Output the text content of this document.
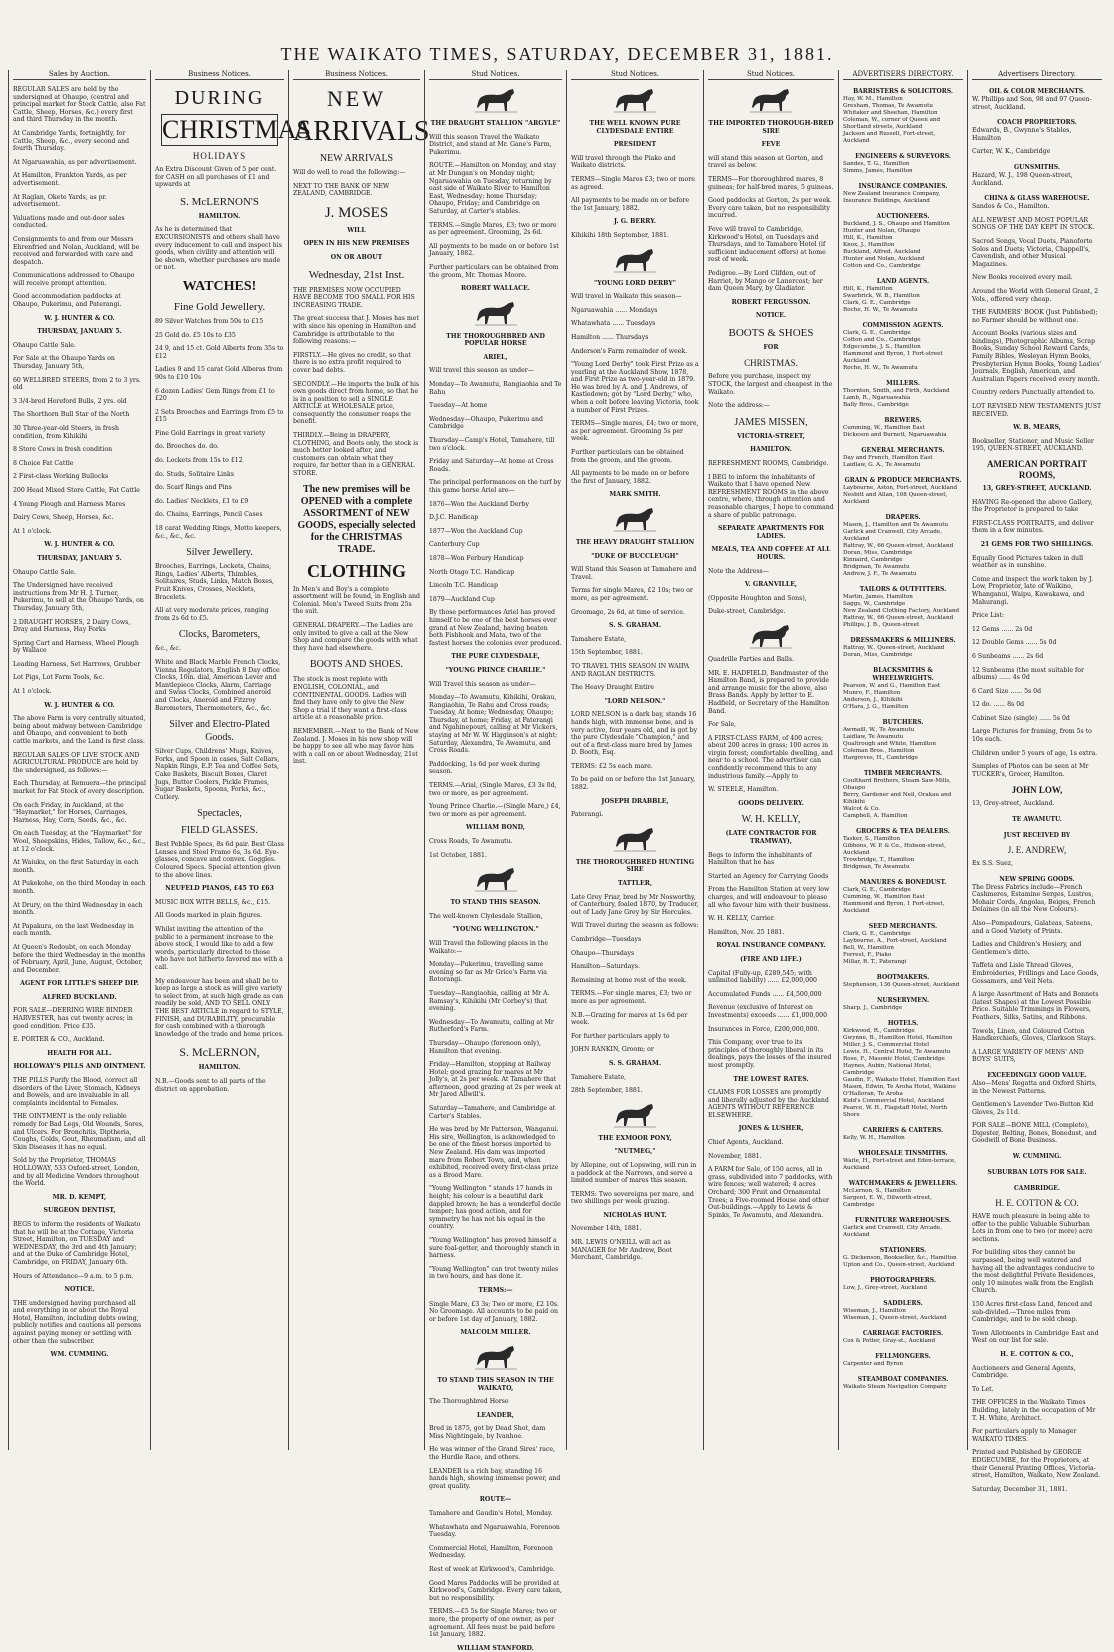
THE WAIKATO TIMES, SATURDAY, DECEMBER 31, 1881.
Sales by Auction.
REGULAR SALES are held by the undersigned at Ohaupo, (central and principal market for Stock Cattle, also Fat Cattle, Sheep, Horses, &c.) every first and third Thursday in the month.
At Cambridge Yards, fortnightly, for Cattle, Sheep, &c., every second and fourth Thursday.
At Ngaruawahia, as per advertisement.
At Hamilton, Frankton Yards, as per advertisement.
At Raglan, Okete Yards, as pr. advertisement.
Valuations made and out-door sales conducted.
Consignments to and from our Messrs Ehrenfried and Nolan, Auckland, will be received and forwarded with care and despatch.
Communications addressed to Ohaupo will receive prompt attention.
Good accommodation paddocks at Ohaupo, Pukerimu, and Paterangi.
W. J. HUNTER & CO.
THURSDAY, JANUARY 5.
Ohaupo Cattle Sale.
For Sale at the Ohaupo Yards on Thursday, January 5th,
60 WELLBRED STEERS, from 2 to 3 yrs. old
3 3/4-bred Hereford Bulls, 2 yrs. old
The Shorthorn Bull Star of the North
30 Three-year-old Steers, in fresh condition, from Kihikihi
8 Store Cows in fresh condition
8 Choice Fat Cattle
2 First-class Working Bullocks
200 Head Mixed Store Cattle, Fat Cattle
4 Young Plough and Harness Mares
Dairy Cows, Sheep, Horses, &c.
At 1 o'clock.
W. J. HUNTER & CO.
THURSDAY, JANUARY 5.
Ohaupo Cattle Sale.
The Undersigned have received instructions from Mr H. J. Turner, Pukerimu, to sell at the Ohaupo Yards, on Thursday, January 5th,
2 DRAUGHT HORSES, 2 Dairy Cows, Dray and Harness, Hay Forks
Spring Cart and Harness, Wheel Plough by Wallace
Leading Harness, Set Harrows, Grubber
Lot Pigs, Lot Farm Tools, &c.
At 1 o'clock.
W. J. HUNTER & CO.
The above Farm is very centrally situated, being about midway between Cambridge and Ohaupo, and convenient to both cattle markets, and the Land is first class.
REGULAR SALES OF LIVE STOCK AND AGRICULTURAL PRODUCE are held by the undersigned, as follows:—
Each Thursday, at Remuera—the principal market for Fat Stock of every description.
On each Friday, in Auckland, at the "Haymarket," for Horses, Carriages, Harness, Hay, Corn, Seeds, &c., &c.
On each Tuesday, at the "Haymarket" for Wool, Sheepskins, Hides, Tallow, &c., &c., at 12 o'clock.
At Waiuku, on the first Saturday in each month.
At Pukekohe, on the third Monday in each month.
At Drury, on the third Wednesday in each month.
At Papakura, on the last Wednesday in each month.
At Queen's Redoubt, on each Monday before the third Wednesday in the months of February, April, June, August, October, and December.
AGENT FOR LITTLE'S SHEEP DIP.
ALFRED BUCKLAND.
FOR SALE—DEERING WIRE BINDER HARVESTER, has cut twenty acres; in good condition. Price £35.
E. PORTER & CO., Auckland.
HEALTH FOR ALL.
HOLLOWAY'S PILLS AND OINTMENT.
THE PILLS Purify the Blood, correct all disorders of the Liver, Stomach, Kidneys and Bowels, and are invaluable in all complaints incidental to Females.
THE OINTMENT is the only reliable remedy for Bad Legs, Old Wounds, Sores, and Ulcers. For Bronchitis, Diptheria, Coughs, Colds, Gout, Rheumatism, and all Skin Diseases it has no equal.
Sold by the Proprietor, THOMAS HOLLOWAY, 533 Oxford-street, London, and by all Medicine Vendors throughout the World.
MR. D. KEMPT,
SURGEON DENTIST,
BEGS to inform the residents of Waikato that he will be at the Cottage, Victoria Street, Hamilton, on TUESDAY and WEDNESDAY, the 3rd and 4th January; and at the Duke of Cambridge Hotel, Cambridge, on FRIDAY, January 6th.
Hours of Attendance—9 a.m. to 5 p.m.
NOTICE.
THE undersigned having purchased all and everything in or about the Royal Hotel, Hamilton, including debts owing, publicly notifies and cautions all persons against paying money or settling with other than the subscriber.
WM. CUMMING.
Business Notices.
DURING
CHRISTMAS
HOLIDAYS
An Extra Discount Given of 5 per cent. for CASH on all purchases of £1 and upwards at
S. McLERNON'S
HAMILTON.
As he is determined that EXCURSIONISTS and others shall have every inducement to call and inspect his goods, when civility and attention will be shown, whether purchases are made or not.
WATCHES!
Fine Gold Jewellery.
89 Silver Watches from 50s to £15
25 Gold do. £5 10s to £35
24 9, and 15 ct. Gold Alberts from 35s to £12
Ladies 9 and 15 carat Gold Alberas from 90s to £10 10s
6 dozen Ladies' Gem Rings from £1 to £20
2 Sets Brooches and Earrings from £5 to £15
Fine Gold Earrings in great variety
do. Brooches do. do.
do. Lockets from 15s to £12
do. Studs, Solitaire Links
do. Scarf Rings and Pins
do. Ladies' Necklets, £1 to £9
do. Chains, Earrings, Pencil Cases
18 carat Wedding Rings, Motto keepers, &c., &c., &c.
Silver Jewellery.
Brooches, Earrings, Lockets, Chains, Rings, Ladies' Alberts, Thimbles, Solitaires, Studs, Links, Match Boxes, Fruit Knives, Crosses, Necklets, Bracelets.
All at very moderate prices, ranging from 2s 6d to £5.
Clocks, Barometers,
&c., &c.
White and Black Marble French Clocks, Vienna Regulators, English 8 Day office Clocks, 10in. dial, American Lever and Mantlepiece Clocks, Alarm, Carriage and Swiss Clocks, Combined aneroid and Clocks, Aneroid and Fitzroy Barometers, Thermometers, &c., &c.
Silver and Electro-Plated Goods.
Silver Cups, Childrens' Mugs, Knives, Forks, and Spoon in cases, Salt Cellars, Napkin Rings, E.P. Tea and Coffee Sets, Cake Baskets, Biscuit Boxes, Claret Jugs, Butter Coolers, Pickle Frames, Sugar Baskets, Spoons, Forks, &c., Cutlery.
Spectacles,
FIELD GLASSES.
Best Pebble Specs, 8s 6d pair. Best Glass Lenses and Steel Frame 6s, 3s 6d. Eye-glasses, concave and convex. Goggles. Coloured Specs. Special attention given to the above lines.
NEUFELD PIANOS, £45 TO £63
MUSIC BOX WITH BELLS, &c., £15.
All Goods marked in plain figures.
Whilst inviting the attention of the public to a permanent increase to the above stock, I would like to add a few words, particularly directed to those who have not hitherto favored me with a call.
My endeavour has been and shall be to keep as large a stock as will give variety to select from, at such high grade as can readily be sold, AND TO SELL ONLY THE BEST ARTICLE in regard to STYLE, FINISH, and DURABILITY, procurable for cash combined with a thorough knowledge of the trade and home prices.
S. McLERNON,
HAMILTON.
N.B.—Goods sent to all parts of the district on approbation.
Business Notices.
NEW
ARRIVALS
NEW ARRIVALS
Will do well to read the following:—
NEXT TO THE BANK OF NEW ZEALAND, CAMBRIDGE.
J. MOSES
WILL
OPEN IN HIS NEW PREMISES
ON OR ABOUT
Wednesday, 21st Inst.
THE PREMISES NOW OCCUPIED HAVE BECOME TOO SMALL FOR HIS INCREASING TRADE.
The great success that J. Moses has met with since his opening in Hamilton and Cambridge is attributable to the following reasons:—
FIRSTLY.—He gives no credit, so that there is no extra profit required to cover bad debts.
SECONDLY.—He imports the bulk of his own goods direct from home, so that he is in a position to sell a SINGLE ARTICLE at WHOLESALE price, consequently the consumer reaps the benefit.
THIRDLY.—Being in DRAPERY, CLOTHING, and Boots only, the stock is much better looked after, and customers can obtain what they require, far better than in a GENERAL STORE.
The new premises will be OPENED with a complete ASSORTMENT of NEW GOODS, especially selected for the CHRISTMAS TRADE.
CLOTHING
In Men's and Boy's a complete assortment will be found, in English and Colonial. Men's Tweed Suits from 25s the suit.
GENERAL DRAPERY.—The Ladies are only invited to give a call at the New Shop and compare the goods with what they have had elsewhere.
BOOTS AND SHOES.
The stock is most replete with ENGLISH, COLONIAL, and CONTINENTAL GOODS. Ladies will find they have only to give the New Shop a trial if they want a first-class article at a reasonable price.
REMEMBER.—Next to the Bank of New Zealand. J. Moses in his new shop will be happy to see all who may favor him with a call on or about Wednesday, 21st inst.
Stud Notices.
THE DRAUGHT STALLION "ARGYLE"
Will this season Travel the Waikato District, and stand at Mr. Gane's Farm, Pukerimu.
ROUTE.—Hamilton on Monday, and stay at Mr Dungan's on Monday night; Ngaruawahia on Tuesday, returning by east side of Waikato River to Hamilton East, Wednesday; home Thursday; Ohaupo, Friday; and Cambridge on Saturday, at Carter's stables.
TERMS.—Single Mares, £3; two or more as per agreement. Grooming, 2s 6d.
All payments to be made on or before 1st January, 1882.
Further particulars can be obtained from the groom, Mr. Thomas Moore.
ROBERT WALLACE.
THE THOROUGHBRED AND POPULAR HORSE
ARIEL,
Will travel this season as under—
Monday—Te Awamutu, Rangiaohia and Te Rahu
Tuesday—At home
Wednesday—Ohaupo, Pukerimu and Cambridge
Thursday—Camp's Hotel, Tamahere, till two o'clock.
Friday and Saturday—At home at Cross Roads.
The principal performances on the turf by this game horse Ariel are—
1876—Won the Auckland Derby
D.J.C. Handicap
1877—Won the Auckland Cup
Canterbury Cup
1878—Won Ferbury Handicap
North Otago T.C. Handicap
Lincoln T.C. Handicap
1879—Auckland Cup
By those performances Ariel has proved himself to be one of the best horses ever grand at New Zealand, having beaten both Fishhook and Mata, two of the fastest horses the colonies ever produced.
THE PURE CLYDESDALE,
"YOUNG PRINCE CHARLIE."
Will Travel this season as under—
Monday—To Awamutu, Kihikihi, Orakau, Rangiaohia, Te Rahu and Cross roads; Tuesday, At home; Wednesday, Ohaupo; Thursday, at home; Friday, at Paterangi and Ngahinepouri, calling at Mr Vickers, staying at Mr W. W. Higginson's at night; Saturday, Alexandra, Te Awamutu, and Cross Roads.
Paddocking, 1s 6d per week during season.
TERMS.—Arial, (Single Mares, £3 3s 0d, two or more, as per agreement.
Young Prince Charlie.—(Single Mare,) £4, two or more as per agreement.
WILLIAM BOND,
Cross Roads, Te Awamutu.
1st October, 1881.
TO STAND THIS SEASON.
The well-known Clydesdale Stallion,
"YOUNG WELLINGTON."
Will Travel the following places in the Waikato:—
Monday—Pukerimu, travelling same evening so far as Mr Grice's Farm via Rotorangi.
Tuesday—Rangiaohia, calling at Mr A. Ramsay's, Kihikihi (Mr Corbey's) that evening.
Wednesday—To Awamutu, calling at Mr Rutherford's Farm.
Thursday—Ohaupo (forenoon only), Hamilton that evening.
Friday—Hamilton, stopping at Railway Hotel; good grazing for mares at Mr Jolly's, at 2s per week. At Tamahere that afternoon, good grazing at 2s per week at Mr Jared Allwill's.
Saturday—Tamahere, and Cambridge at Carter's Stables.
He was bred by Mr Patterson, Wanganui. His sire, Wellington, is acknowledged to be one of the finest horses imported to New Zealand. His dam was imported mare from Robert Town, and, when exhibited, received every first-class prize as a Brood Mare.
"Young Wellington " stands 17 hands in height; his colour is a beautiful dark dappled brown; he has a wonderful docile temper; has good action, and for symmetry he has not his equal in the country.
"Young Wellington" has proved himself a sure foal-getter, and thoroughly stanch in harness.
"Young Wellington" can trot twenty miles in two hours, and has done it.
TERMS:—
Single Mare, £3 3s; Two or more, £2 10s. No Groomage. All accounts to be paid on or before 1st day of January, 1882.
MALCOLM MILLER.
TO STAND THIS SEASON IN THE WAIKATO,
The Thoroughbred Horse
LEANDER,
Bred in 1875, got by Dead Shot, dam Miss Nightingale, by Ivanhoe.
He was winner of the Grand Sires' race, the Hurdle Race, and others.
LEANDER is a rich bay, standing 16 hands high, showing immense power, and great quality.
ROUTE—
Tamahere and Gaudin's Hotel, Monday.
Whatawhata and Ngaruawahia, Forenoon Tuesday.
Commercial Hotel, Hamilton, Forenoon Wednesday.
Rest of week at Kirkwood's, Cambridge.
Good Mares Paddocks will be provided at Kirkwood's, Cambridge. Every care taken, but no responsibility.
TERMS.—£5 5s for Single Mares; two or more, the property of one owner, as per agreement. All fees must be paid before 1st January, 1882.
WILLIAM STANFORD.
Stud Notices.
THE WELL KNOWN PURE CLYDESDALE ENTIRE
PRESIDENT
Will travel through the Piako and Waikato districts.
TERMS—Single Mares £3; two or more as agreed.
All payments to be made on or before the 1st January, 1882.
J. G. BERRY.
Kihikihi 18th September, 1881.
"YOUNG LORD DERBY"
Will travel in Waikato this season—
Ngaruawahia ...... Mondays
Whatawhata ...... Tuesdays
Hamilton ...... Thursdays
Anderson's Farm remainder of week.
"Young Lord Derby" took First Prize as a yearling at the Auckland Show, 1878, and First Prize as two-year-old in 1879. He was bred by A. and J. Andrews, of Kastledown; got by "Lord Derby," who, when a colt before leaving Victoria, took a number of First Prizes.
TERMS—Single mares, £4; two or more, as per agreement. Grooming 5s per week.
Further particulars can be obtained from the groom, and the groom.
All payments to be made on or before the first of January, 1882.
MARK SMITH.
THE HEAVY DRAUGHT STALLION
"DUKE OF BUCCLEUGH"
Will Stand this Season at Tamahere and Travel.
Terms for single Mares, £2 10s; two or more, as per agreement.
Groomage, 2s 6d, at time of service.
S. S. GRAHAM.
Tamahere Estate,
15th September, 1881.
TO TRAVEL THIS SEASON IN WAIPA AND RAGLAN DISTRICTS.
The Heavy Draught Entire
"LORD NELSON."
LORD NELSON is a dark bay, stands 16 hands high, with immense bone, and is very active, four years old, and is got by the pure Clydesdale "Champion," and out of a first-class mare bred by James D. Booth, Esq.
TERMS: £2 5s each mare.
To be paid on or before the 1st January, 1882.
JOSEPH DRABBLE,
Paterangi.
THE THOROUGHBRED HUNTING SIRE
TATTLER,
Late Grey Friar, bred by Mr Nosworthy, of Canterbury, foaled 1870, by Traducer, out of Lady Jane Grey by Sir Hercules.
Will Travel during the season as follows:
Cambridge—Tuesdays
Ohaupo—Thursdays
Hamilton—Saturdays.
Remaining at home rest of the week.
TERMS.—For single mares, £3; two or more as per agreement.
N.B.—Grazing for mares at 1s 6d per week.
For further particulars apply to
JOHN RANKIN, Groom; or
S. S. GRAHAM.
Tamahere Estate,
28th September, 1881.
THE EXMOOR PONY,
"NUTMEG,"
by Allepine, out of Lopswing, will run in a paddock at the Narrows, and serve a limited number of mares this season.
TERMS: Two sovereigns per mare, and two shillings per week grazing.
NICHOLAS HUNT.
November 14th, 1881.
MR. LEWIS O'NEILL will act as MANAGER for Mr Andrew, Boot Merchant, Cambridge.
Stud Notices.
THE IMPORTED THOROUGH-BRED SIRE
FEVE
will stand this season at Gorton, and travel as below.
TERMS—For thoroughbred mares, 8 guineas; for half-bred mares, 5 guineas.
Good paddocks at Gorton, 2s per week. Every care taken, but no responsibility incurred.
Feve will travel to Cambridge, Kirkwood's Hotel, on Tuesdays and Thursdays, and to Tamahere Hotel (if sufficient inducement offers) at home rest of week.
Pedigree.—By Lord Clifden, out of Harriet, by Mango or Lanercost; her dam Queen Mary, by Gladiator.
ROBERT FERGUSSON.
NOTICE.
BOOTS & SHOES
FOR
CHRISTMAS.
Before you purchase, inspect my STOCK, the largest and cheapest in the Waikato.
Note the address:—
JAMES MISSEN,
VICTORIA-STREET,
HAMILTON.
REFRESHMENT ROOMS, Cambridge.
I BEG to inform the inhabitants of Waikato that I have opened New REFRESHMENT ROOMS in the above centre, where, through attention and reasonable charges, I hope to command a share of public patronage.
SEPARATE APARTMENTS FOR LADIES.
MEALS, TEA AND COFFEE AT ALL HOURS.
Note the Address—
V. GRANVILLE,
(Opposite Houghton and Sons),
Duke-street, Cambridge.
Quadrille Parties and Balls.
MR. E. HADFIELD, Bandmaster of the Hamilton Band, is prepared to provide and arrange music for the above, also Brass Bands. Apply by letter to E. Hadfield, or Secretary of the Hamilton Band.
For Sale,
A FIRST-CLASS FARM, of 400 acres; about 200 acres in grass; 100 acres in virgin forest; comfortable dwelling, and near to a school. The advertiser can confidently recommend this to any industrious family.—Apply to
W. STEELE, Hamilton.
GOODS DELIVERY.
W. H. KELLY,
(LATE CONTRACTOR FOR TRAMWAY),
Begs to inform the inhabitants of Hamilton that he has
Started an Agency for Carrying Goods
From the Hamilton Station at very low charges, and will endeavour to please all who favour him with their business.
W. H. KELLY, Carrier.
Hamilton, Nov. 25 1881.
ROYAL INSURANCE COMPANY.
(FIRE AND LIFE.)
Capital (Fully-up, £289,545; with unlimited liability) ...... £2,000,000
Accumulated Funds ...... £4,500,000
Revenue (exclusive of Interest on Investments) exceeds ...... £1,000,000
Insurances in Force, £200,000,000.
This Company, ever true to its principles of thoroughly liberal in its dealings, pays the losses of the insured most promptly.
THE LOWEST RATES.
CLAIMS FOR LOSSES are promptly and liberally adjusted by the Auckland AGENTS WITHOUT REFERENCE ELSEWHERE.
JONES & LUSHER,
Chief Agents, Auckland.
November, 1881.
A FARM for Sale, of 150 acres, all in grass, subdivided into 7 paddocks, with wire fences; well watered; 4 acres Orchard; 300 Fruit and Ornamental Trees; a Five-roomed House and other Out-buildings.—Apply to Lewis & Spinks, Te Awamutu, and Alexandra.
ADVERTISERS DIRECTORY.
BARRISTERS & SOLICITORS.
Hay, W. M., Hamilton
Gresham, Thomas, Te Awamutu
Whitaker and Sheehan, Hamilton
Coleman, W., corner of Queen and Shortland streets, Auckland
Jackson and Russell, Fort-street, Auckland
ENGINEERS & SURVEYORS.
Sandes, T. G., Hamilton
Simms, James, Hamilton
INSURANCE COMPANIES.
New Zealand Insurance Company, Insurance Buildings, Auckland
AUCTIONEERS.
Buckland, J. S., Ohaupo and Hamilton
Hunter and Nolan, Ohaupo
Hill, K., Hamilton
Knox, J., Hamilton
Buckland, Alfred, Auckland
Hunter and Nolan, Auckland
Cotton and Co., Cambridge
LAND AGENTS.
Hill, K., Hamilton
Swarbrick, W. B., Hamilton
Clark, G. E., Cambridge
Roche, H. W., Te Awamutu
COMMISSION AGENTS.
Clark, G. E., Cambridge
Cotton and Co., Cambridge
Edgecumbe, J. S., Hamilton
Hammond and Byron, 1 Fort-street Auckland
Roche, H. W., Te Awamutu
MILLERS.
Thornton, Smith, and Firth, Auckland
Lamb, R., Ngaruawahia
Bally Bros., Cambridge
BREWERS.
Cumming, W., Hamilton East
Dickeson and Burnett, Ngaruawahia
GENERAL MERCHANTS.
Day and French, Hamilton East
Laidlaw, G. A., Te Awamutu
GRAIN & PRODUCE MERCHANTS.
Laybourne, Aston, Fort-street, Auckland
Nesbitt and Allan, 108 Queen-street, Auckland
DRAPERS.
Mason, J., Hamilton and Te Awamutu
Garlick and Cranwell, City Arcade, Auckland
Rattray, W., 66 Queen-street, Auckland
Doran, Miss, Cambridge
Kinnaird, Cambridge
Bridgman, Te Awamutu
Andrew, J. F., Te Awamutu
TAILORS & OUTFITTERS.
Martin, James, Hamilton
Saggs, W., Cambridge
New Zealand Clothing Factory, Auckland
Rattray, W., 66 Queen-street, Auckland
Phillips, J. B., Queen-street
DRESSMAKERS & MILLINERS.
Rattray, W., Queen-street, Auckland
Doran, Miss, Cambridge
BLACKSMITHS & WHEELWRIGHTS.
Pearson, W. and G., Hamilton East
Munro, F., Hamilton
Anderson, J., Kihikihi
O'Hara, J. G., Hamilton
BUTCHERS.
Awmaill, W., Te Awamutu
Laidlaw, Te Awamutu
Qualtrough and White, Hamilton
Coleman Bros., Hamilton
Hargreves, H., Cambridge
TIMBER MERCHANTS.
Coulthard Brothers, Steam Saw-Mills, Ohaupo
Berry, Gardener and Neil, Orakau and Kihikihi
Walcot & Co.
Campbell, A. Hamilton
GROCERS & TEA DEALERS.
Tasker, S., Hamilton
Gibbons, W. P. & Co., Hobson-street, Auckland
Trowbridge, T., Hamilton
Bridgman, Te Awamutu
MANURES & BONEDUST.
Clark, G. E., Cambridge
Cumming, W., Hamilton East
Hammond and Byron, 1 Fort-street, Auckland
SEED MERCHANTS.
Clark, G. E., Cambridge
Laybourne, A., Fort-street, Auckland
Bell, W., Hamilton
Forrest, F., Piako
Millar, R. T., Paterangi
BOOTMAKERS.
Stephenson, 136 Queen-street, Auckland
NURSERYMEN.
Sharp, J., Cambridge
HOTELS.
Kirkwood, R., Cambridge
Gwynne, B., Hamilton Hotel, Hamilton
Miller, J. S., Commercial Hotel
Lewis, H., Central Hotel, Te Awamutu
Rose, F., Masonic Hotel, Cambridge
Haynes, Aubin, National Hotel, Cambridge
Gaudin, F., Waikato Hotel, Hamilton East
Mason, Edwin, Te Aroha Hotel, Waikino
O'Halloran, Te Aroha
Kidd's Commercial Hotel, Auckland
Pearce, W. H., Flagstaff Hotel, North Shore
CARRIERS & CARTERS.
Kelly, W. H., Hamilton
WHOLESALE TINSMITHS.
Waite, H., Fort-street and Eden-terrace, Auckland
WATCHMAKERS & JEWELLERS.
McLernon, S., Hamilton
Sargent, E. W., Dilworth-street, Cambridge
FURNITURE WAREHOUSES.
Garlick and Cranwell, City Arcade, Auckland
STATIONERS.
G. Dickenson, Bookseller, &c., Hamilton
Upton and Co., Queen-street, Auckland
PHOTOGRAPHERS.
Low, J., Grey-street, Auckland
SADDLERS.
Wiseman, J., Hamilton
Wiseman, J., Queen-street, Auckland
CARRIAGE FACTORIES.
Cox & Potter, Gray-st., Auckland
FELLMONGERS.
Carpenter and Byron
STEAMBOAT COMPANIES.
Waikato Steam Navigation Company
Advertisers Directory.
OIL & COLOR MERCHANTS.
W. Phillips and Son, 98 and 97 Queen-street, Auckland.
COACH PROPRIETORS.
Edwards, B., Gwynne's Stables, Hamilton
Carter, W. K., Cambridge
GUNSMITHS.
Hazard, W. J., 198 Queen-street, Auckland.
CHINA & GLASS WAREHOUSE.
Sandes & Co., Hamilton.
ALL NEWEST AND MOST POPULAR SONGS OF THE DAY KEPT IN STOCK.
Sacred Songs, Vocal Duets, Pianoforte Solos and Duets; Victoria, Chappell's, Cavendish, and other Musical Magazines.
New Books received every mail.
Around the World with General Grant, 2 Vols., offered very cheap.
THE FARMERS' BOOK (Just Published); no Farmer should be without one.
Account Books (various sizes and bindings), Photographic Albums, Scrap Books, Sunday School Reward Cards, Family Bibles, Wesleyan Hymn Books, Presbyterian Hymn Books, Young Ladies' Journals, English, American, and Australian Papers received every month.
Country orders Punctually attended to.
LOT REVISED NEW TESTAMENTS JUST RECEIVED.
W. B. MEARS,
Bookseller, Stationer, and Music Seller 195, QUEEN-STREET, AUCKLAND.
AMERICAN PORTRAIT ROOMS,
13, GREY-STREET, AUCKLAND.
HAVING Re-opened the above Gallery, the Proprietor is prepared to take
FIRST-CLASS PORTRAITS, and deliver them in a few minutes.
21 GEMS FOR TWO SHILLINGS.
Equally Good Pictures taken in dull weather as in sunshine.
Come and inspect the work taken by J. Low, Proprietor, late of Waikino, Whanganui, Waipu, Kawakawa, and Mahurangi.
Price List:
12 Gems ...... 2s 0d
12 Double Gems ...... 5s 0d
6 Sunbeams ...... 2s 6d
12 Sunbeams (the most suitable for albums) ...... 4s 0d
6 Card Size ...... 5s 0d
12 do. ...... 8s 0d
Cabinet Size (single) ...... 5s 0d
Large Pictures for framing, from 5s to 10s each.
Children under 5 years of age, 1s extra.
Samples of Photos can be seen at Mr TUCKER's, Grocer, Hamilton.
JOHN LOW,
13, Grey-street, Auckland.
TE AWAMUTU.
JUST RECEIVED BY
J. E. ANDREW,
Ex S.S. Suez,
NEW SPRING GOODS.
The Dress Fabrics include—French Cashmeres, Estamine Serges, Lustres, Mohair Cords, Angolas, Beiges, French Delaines (in all the New Colours).
Also—Pompadours, Galateas, Sateens, and a Good Variety of Prints.
Ladies and Children's Hosiery, and Gentlemen's ditto.
Taffeta and Lisle Thread Gloves, Embroideries, Frillings and Lace Goods, Gossamers, and Veil Nets.
A large Assortment of Hats and Bonnets (latest Shapes) at the Lowest Possible Price. Suitable Trimmings in Flowers, Feathers, Silks, Satins, and Ribbons.
Towels, Linen, and Coloured Cotton Handkerchiefs, Gloves, Clarkson Stays.
A LARGE VARIETY OF MENS' AND BOYS' SUITS,
EXCEEDINGLY GOOD VALUE.
Also—Mens' Regatta and Oxford Shirts, in the Newest Patterns.
Gentlemen's Lavender Two-Button Kid Gloves, 2s 11d.
FOR SALE—BONE MILL (Complete), Digester, Belting, Bones, Bonedust, and Goodwill of Bone Business.
W. CUMMING.
SUBURBAN LOTS FOR SALE.
CAMBRIDGE.
H. E. COTTON & CO.
HAVE much pleasure in being able to offer to the public Valuable Suburban Lots in from one to two (or more) acre sections.
For building sites they cannot be surpassed, being well watered and having all the advantages conducive to the most delightful Private Residences, only 10 minutes walk from the English Church.
150 Acres first-class Land, fenced and sub-divided.—Three miles from Cambridge, and to be sold cheap.
Town Allotments in Cambridge East and West on our list for sale.
H. E. COTTON & CO.,
Auctioneers and General Agents, Cambridge.
To Let.
THE OFFICES in the Waikato Times Building, lately in the occupation of Mr T. H. White, Architect.
For particulars apply to Manager WAIKATO TIMES.
Printed and Published by GEORGE EDGECUMBE, for the Proprietors, at their General Printing Offices, Victoria-street, Hamilton, Waikato, New Zealand.
Saturday, December 31, 1881.
